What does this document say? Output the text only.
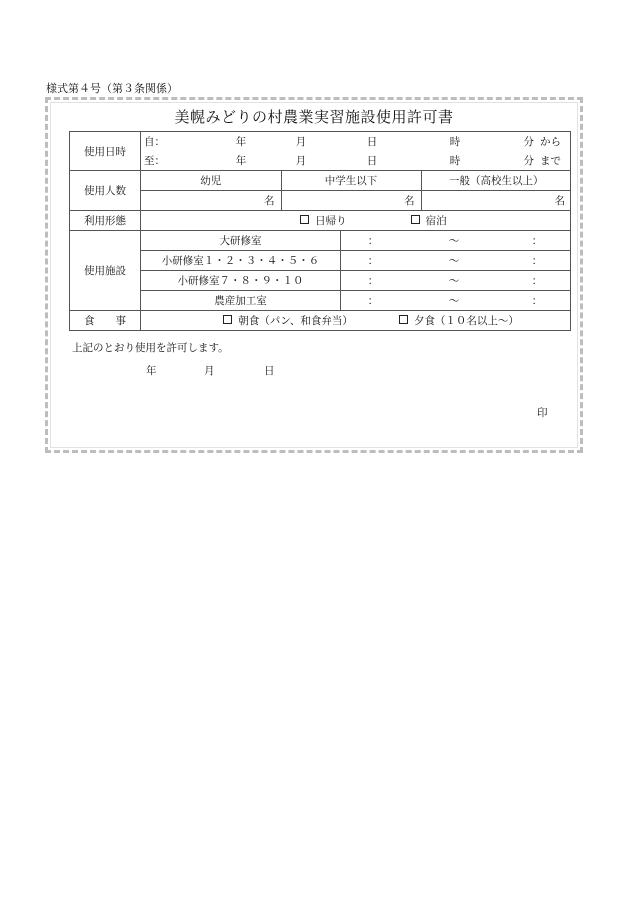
様式第４号（第３条関係）
美幌みどりの村農業実習施設使用許可書
使用日時	
自：	年	月	日	時	分	から
至：	年	月	日	時	分	まで

使用人数	
幼児	中学生以下	一般（高校生以上）

名	名	名

利用形態		日帰り	宿泊

使用施設	大研修室		：	～	：

小研修室１・２・３・４・５・６		：	～	：

小研修室７・８・９・１０		：	～	：

農産加工室		：	～	：

食　　事		朝食（パン、和食弁当）	夕食（１０名以上～）
上記のとおり使用を許可します。
年	月	日
印
